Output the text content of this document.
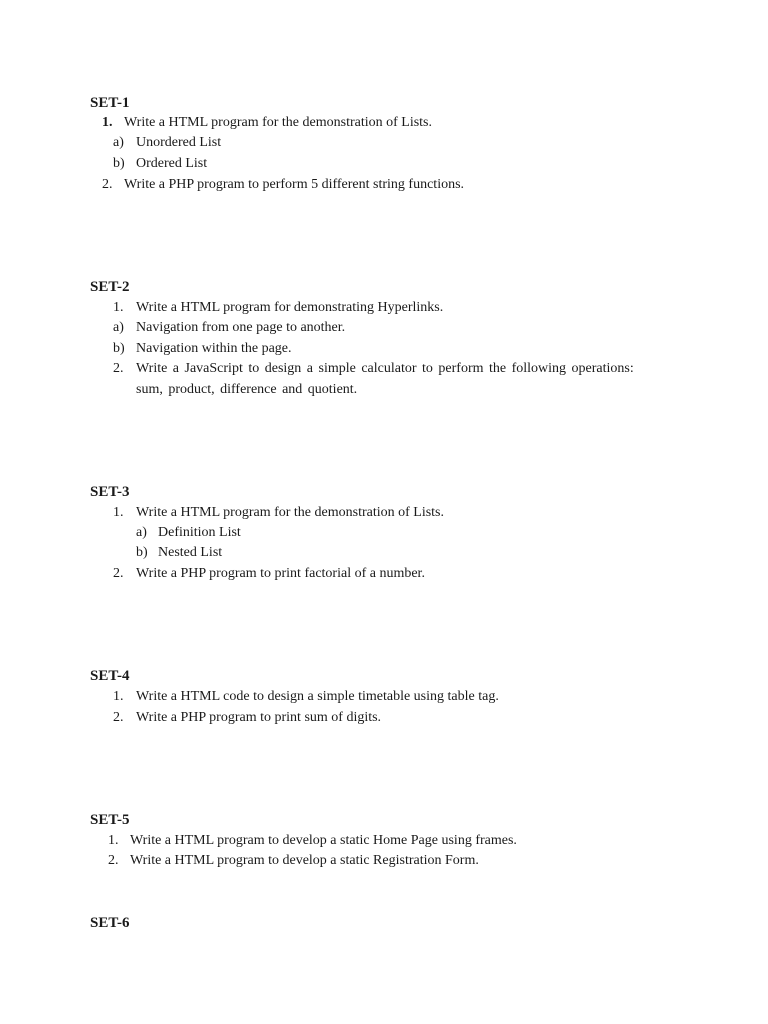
SET-1
1. Write a HTML program for the demonstration of Lists.
a) Unordered List
b) Ordered List
2. Write a PHP program to perform 5 different string functions.
SET-2
1. Write a HTML program for demonstrating Hyperlinks.
a) Navigation from one page to another.
b) Navigation within the page.
2. Write a JavaScript to design a simple calculator to perform the following operations:
sum, product, difference and quotient.
SET-3
1. Write a HTML program for the demonstration of Lists.
a) Definition List
b) Nested List
2. Write a PHP program to print factorial of a number.
SET-4
1. Write a HTML code to design a simple timetable using table tag.
2. Write a PHP program to print sum of digits.
SET-5
1. Write a HTML program to develop a static Home Page using frames.
2. Write a HTML program to develop a static Registration Form.
SET-6
